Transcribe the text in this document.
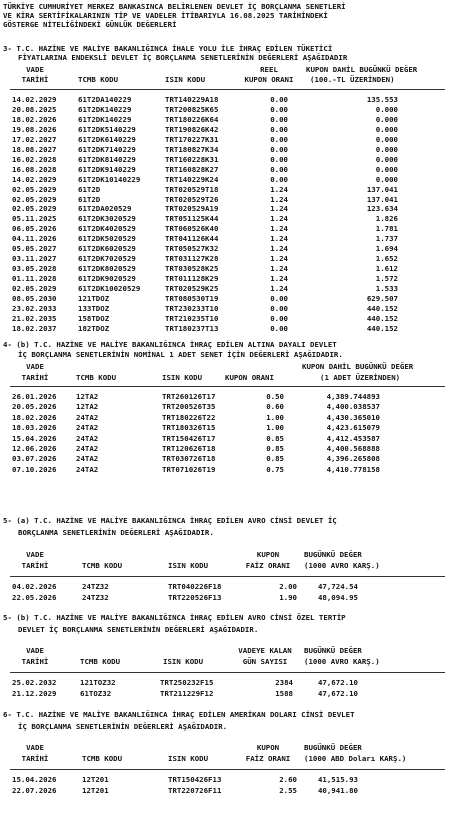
TÜRKİYE CUMHURİYET MERKEZ BANKASINCA BELİRLENEN DEVLET İÇ BORÇLANMA SENETLERİ
VE KİRA SERTİFİKALARININ TİP VE VADELER İTİBARIYLA 16.08.2025 TARİHİNDEKİ
GÖSTERGE NİTELİĞİNDEKİ GÜNLÜK DEĞERLERİ
3- T.C. HAZİNE VE MALİYE BAKANLIĞINCA İHALE YOLU İLE İHRAÇ EDİLEN TÜKETİCİ
FİYATLARINA ENDEKSLİ DEVLET İÇ BORÇLANMA SENETLERİNİN DEĞERLERİ AŞAĞIDADIR
VADE
TARİHİ	TCMB KODU	ISIN KODU
REEL
KUPON ORANI
KUPON DAHİL BUGÜNKÜ DEĞER
(100.-TL ÜZERİNDEN)
14.02.2029	61T2DA140229	TRT140229A18	0.00	135.553
20.08.2025	61T2DK140229	TRT200825K65	0.00	0.000
18.02.2026	61T2DK140229	TRT180226K64	0.00	0.000
19.08.2026	61T2DK5140229	TRT190826K42	0.00	0.000
17.02.2027	61T2DK6140229	TRT170227K31	0.00	0.000
18.08.2027	61T2DK7140229	TRT180827K34	0.00	0.000
16.02.2028	61T2DK8140229	TRT160228K31	0.00	0.000
16.08.2028	61T2DK9140229	TRT160828K27	0.00	0.000
14.02.2029	61T2DK10140229	TRT140229K24	0.00	0.000
02.05.2029	61T2D	TRT020529T18	1.24	137.041
02.05.2029	61T2D	TRT020529T26	1.24	137.041
02.05.2029	61T2DA020529	TRT020529A19	1.24	123.634
05.11.2025	61T2DK3020529	TRT051125K44	1.24	1.826
06.05.2026	61T2DK4020529	TRT060526K40	1.24	1.781
04.11.2026	61T2DK5020529	TRT041126K44	1.24	1.737
05.05.2027	61T2DK6020529	TRT050527K32	1.24	1.694
03.11.2027	61T2DK7020529	TRT031127K28	1.24	1.652
03.05.2028	61T2DK8020529	TRT030528K25	1.24	1.612
01.11.2028	61T2DK9020529	TRT011128K29	1.24	1.572
02.05.2029	61T2DK10020529	TRT020529K25	1.24	1.533
08.05.2030	121TDOZ	TRT080530T19	0.00	629.507
23.02.2033	133TDOZ	TRT230233T10	0.00	440.152
21.02.2035	158TDOZ	TRT210235T10	0.00	440.152
18.02.2037	182TDOZ	TRT180237T13	0.00	440.152
4- (b) T.C. HAZİNE VE MALİYE BAKANLIĞINCA İHRAÇ EDİLEN ALTINA DAYALI DEVLET
İÇ BORÇLANMA SENETLERİNİN NOMİNAL 1 ADET SENET İÇİN DEĞERLERİ AŞAĞIDADIR.
VADE
TARİHİ	TCMB KODU	ISIN KODU	KUPON ORANI
KUPON DAHİL BUGÜNKÜ DEĞER
(1 ADET ÜZERİNDEN)
26.01.2026	12TA2	TRT260126T17	0.50	4,389.744893
20.05.2026	12TA2	TRT200526T35	0.60	4,400.038537
18.02.2026	24TA2	TRT180226T22	1.00	4,430.365010
18.03.2026	24TA2	TRT180326T15	1.00	4,423.615079
15.04.2026	24TA2	TRT150426T17	0.85	4,412.453587
12.06.2026	24TA2	TRT120626T18	0.85	4,400.568888
03.07.2026	24TA2	TRT030726T18	0.85	4,396.265808
07.10.2026	24TA2	TRT071026T19	0.75	4,410.778158
5- (a) T.C. HAZİNE VE MALİYE BAKANLIĞINCA İHRAÇ EDİLEN AVRO CİNSİ DEVLET İÇ
BORÇLANMA SENETLERİNİN DEĞERLERİ AŞAĞIDADIR.
VADE
TARİHİ	TCMB KODU	ISIN KODU
KUPON
FAİZ ORANI
BUGÜNKÜ DEĞER
(1000 AVRO KARŞ.)
04.02.2026	24TZ32	TRT040226F18	2.00	47,724.54
22.05.2026	24TZ32	TRT220526F13	1.90	48,094.95
5- (b) T.C. HAZİNE VE MALİYE BAKANLIĞINCA İHRAÇ EDİLEN AVRO CİNSİ ÖZEL TERTİP
DEVLET İÇ BORÇLANMA SENETLERİNİN DEĞERLERİ AŞAĞIDADIR.
VADE
TARİHİ	TCMB KODU	ISIN KODU
VADEYE KALAN
GÜN SAYISI
BUGÜNKÜ DEĞER
(1000 AVRO KARŞ.)
25.02.2032	121TOZ32	TRT250232F15	2384	47,672.10
21.12.2029	61TOZ32	TRT211229F12	1588	47,672.10
6- T.C. HAZİNE VE MALİYE BAKANLIĞINCA İHRAÇ EDİLEN AMERİKAN DOLARI CİNSİ DEVLET
İÇ BORÇLANMA SENETLERİNİN DEĞERLERİ AŞAĞIDADIR.
VADE
TARİHİ	TCMB KODU	ISIN KODU
KUPON
FAİZ ORANI
BUGÜNKÜ DEĞER
(1000 ABD Doları KARŞ.)
15.04.2026	12T201	TRT150426F13	2.60	41,515.93
22.07.2026	12T201	TRT220726F11	2.55	40,941.80
